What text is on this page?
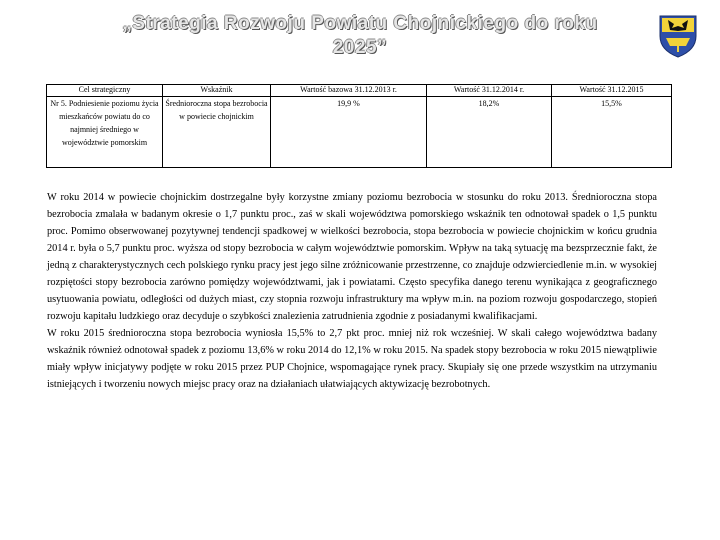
„Strategia Rozwoju Powiatu Chojnickiego do roku 2025”
Cel strategiczny	Wskaźnik	Wartość bazowa 31.12.2013 r.	Wartość 31.12.2014 r.	Wartość 31.12.2015
Nr 5. Podniesienie poziomu życia mieszkańców powiatu do co najmniej średniego w województwie pomorskim	Średnioroczna stopa bezrobocia w powiecie chojnickim	19,9 %	18,2%	15,5%

W roku 2014 w powiecie chojnickim dostrzegalne były korzystne zmiany poziomu bezrobocia w stosunku do roku 2013. Średnioroczna stopa bezrobocia zmalała w badanym okresie o 1,7 punktu proc., zaś w skali województwa pomorskiego wskaźnik ten odnotował spadek o 1,5 punktu proc. Pomimo obserwowanej pozytywnej tendencji spadkowej w wielkości bezrobocia, stopa bezrobocia w powiecie chojnickim w końcu grudnia 2014 r. była o 5,7 punktu proc. wyższa od stopy bezrobocia w całym województwie pomorskim. Wpływ na taką sytuację ma bezsprzecznie fakt, że jedną z charakterystycznych cech polskiego rynku pracy jest jego silne zróżnicowanie przestrzenne, co znajduje odzwierciedlenie m.in. w wysokiej rozpiętości stopy bezrobocia zarówno pomiędzy województwami, jak i powiatami. Często specyfika danego terenu wynikająca z geograficznego usytuowania powiatu, odległości od dużych miast, czy stopnia rozwoju infrastruktury ma wpływ m.in. na poziom rozwoju gospodarczego, stopień rozwoju kapitału ludzkiego oraz decyduje o szybkości znalezienia zatrudnienia zgodnie z posiadanymi kwalifikacjami.

W roku 2015 średnioroczna stopa bezrobocia wyniosła 15,5% to 2,7 pkt proc. mniej niż rok wcześniej. W skali całego województwa badany wskaźnik również odnotował spadek z poziomu 13,6% w roku 2014 do 12,1% w roku 2015. Na spadek stopy bezrobocia w roku 2015 niewątpliwie miały wpływ inicjatywy podjęte w roku 2015 przez PUP Chojnice, wspomagające rynek pracy. Skupiały się one przede wszystkim na utrzymaniu istniejących i tworzeniu nowych miejsc pracy oraz na działaniach ułatwiających aktywizację bezrobotnych.
